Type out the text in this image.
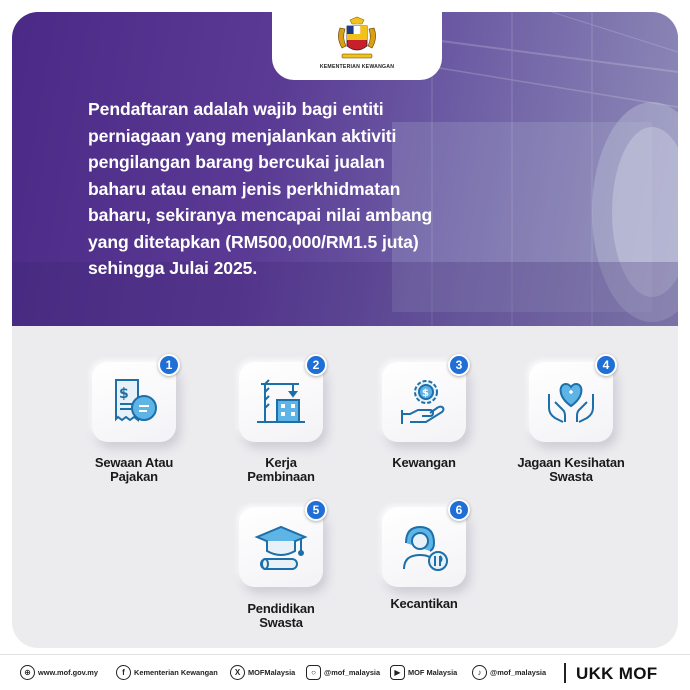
Pendaftaran adalah wajib bagi entiti
perniagaan yang menjalankan aktiviti
pengilangan barang bercukai jualan
baharu atau enam jenis perkhidmatan
baharu, sekiranya mencapai nilai ambang
yang ditetapkan (RM500,000/RM1.5 juta)
sehingga Julai 2025.
KEMENTERIAN KEWANGAN
$
1
Sewaan Atau
Pajakan
2
Kerja
Pembinaan
$
3
Kewangan
4
Jagaan Kesihatan
Swasta
5
Pendidikan
Swasta
6
Kecantikan
⊕ www.mof.gov.my	f	Kementerian Kewangan	X	MOFMalaysia	○	@mof_malaysia	▶	MOF Malaysia	♪	@mof_malaysia UKK MOF
